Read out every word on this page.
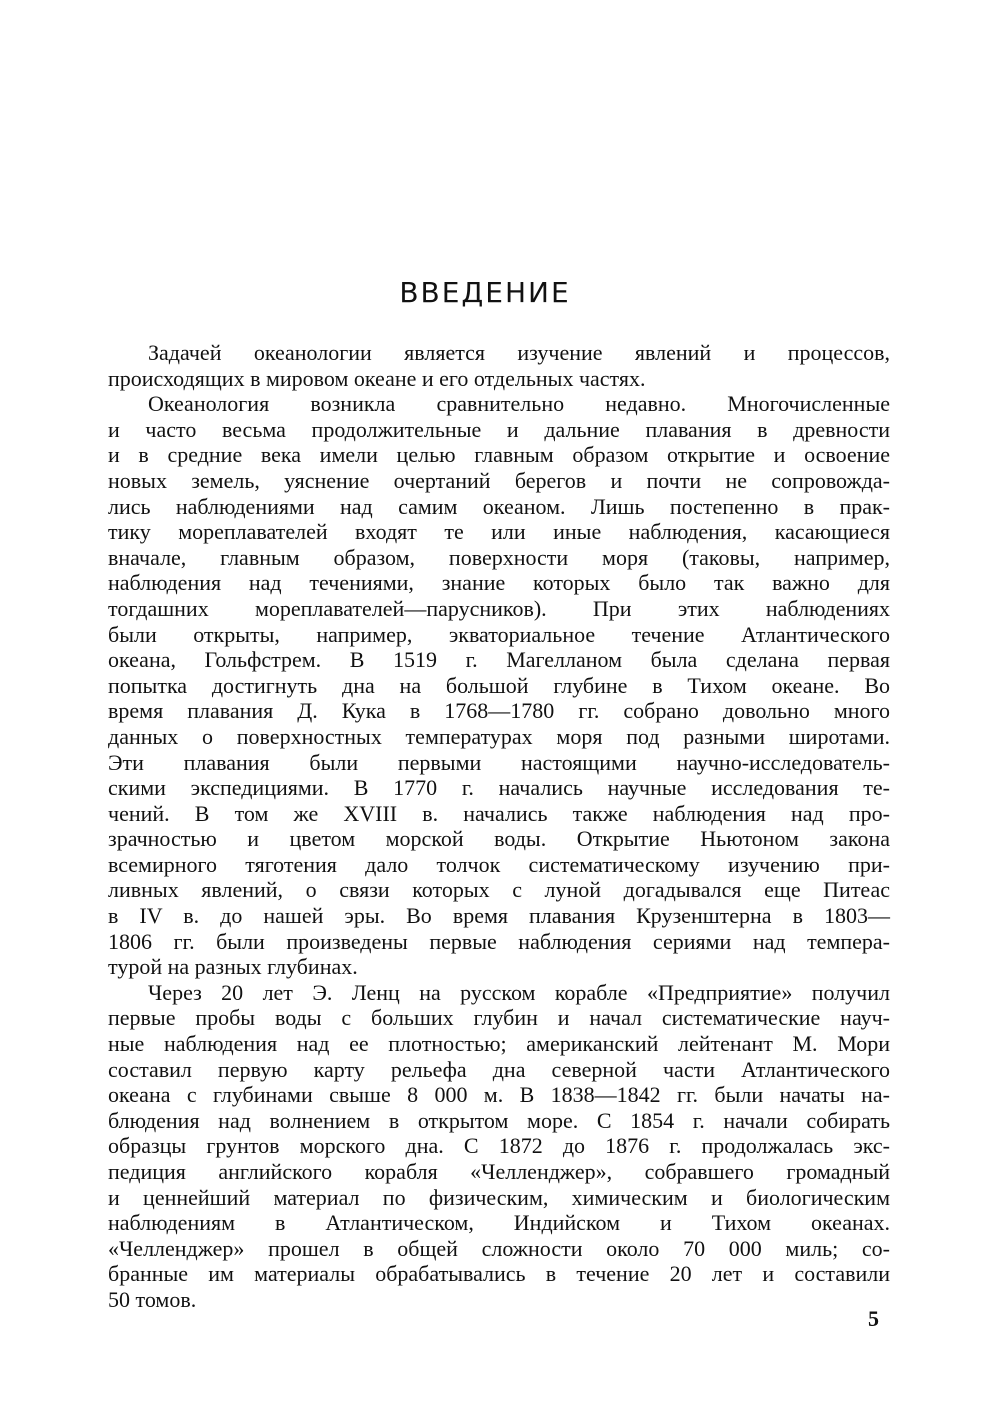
ВВЕДЕНИЕ
Задачей океанологии является изучение явлений и процессов,
происходящих в мировом океане и его отдельных частях.
Океанология возникла сравнительно недавно. Многочисленные
и часто весьма продолжительные и дальние плавания в древности
и в средние века имели целью главным образом открытие и освоение
новых земель, уяснение очертаний берегов и почти не сопровожда-
лись наблюдениями над самим океаном. Лишь постепенно в прак-
тику мореплавателей входят те или иные наблюдения, касающиеся
вначале, главным образом, поверхности моря (таковы, например,
наблюдения над течениями, знание которых было так важно для
тогдашних мореплавателей—парусников). При этих наблюдениях
были открыты, например, экваториальное течение Атлантического
океана, Гольфстрем. В 1519 г. Магелланом была сделана первая
попытка достигнуть дна на большой глубине в Тихом океане. Во
время плавания Д. Кука в 1768—1780 гг. собрано довольно много
данных о поверхностных температурах моря под разными широтами.
Эти плавания были первыми настоящими научно-исследователь-
скими экспедициями. В 1770 г. начались научные исследования те-
чений. В том же XVIII в. начались также наблюдения над про-
зрачностью и цветом морской воды. Открытие Ньютоном закона
всемирного тяготения дало толчок систематическому изучению при-
ливных явлений, о связи которых с луной догадывался еще Питеас
в IV в. до нашей эры. Во время плавания Крузенштерна в 1803—
1806 гг. были произведены первые наблюдения сериями над темпера-
турой на разных глубинах.
Через 20 лет Э. Ленц на русском корабле «Предприятие» получил
первые пробы воды с больших глубин и начал систематические науч-
ные наблюдения над ее плотностью; американский лейтенант М. Мори
составил первую карту рельефа дна северной части Атлантического
океана с глубинами свыше 8 000 м. В 1838—1842 гг. были начаты на-
блюдения над волнением в открытом море. С 1854 г. начали собирать
образцы грунтов морского дна. С 1872 до 1876 г. продолжалась экс-
педиция английского корабля «Челленджер», собравшего громадный
и ценнейший материал по физическим, химическим и биологическим
наблюдениям в Атлантическом, Индийском и Тихом океанах.
«Челленджер» прошел в общей сложности около 70 000 миль; со-
бранные им материалы обрабатывались в течение 20 лет и составили
50 томов.
5
